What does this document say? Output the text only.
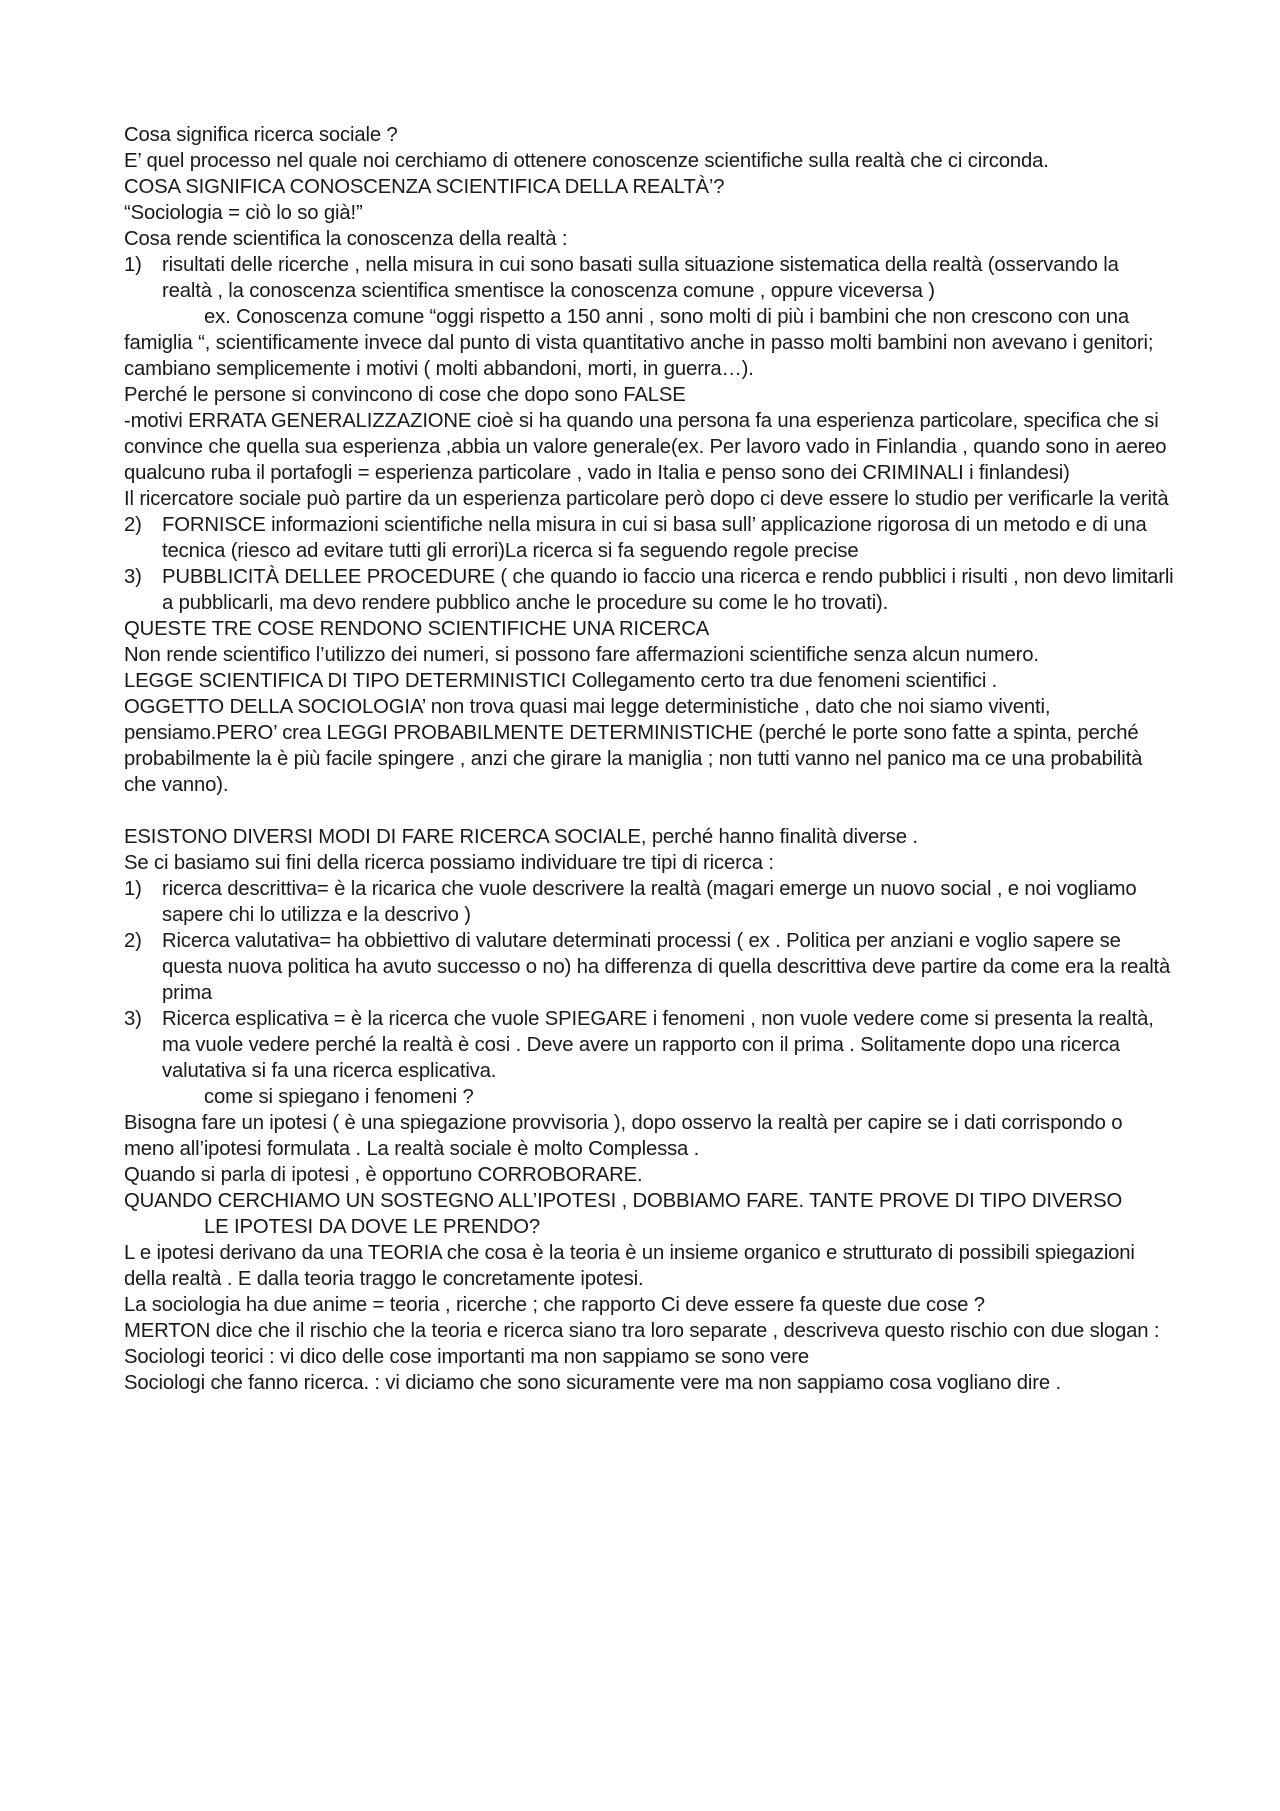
Cosa significa ricerca sociale ?

E’ quel processo nel quale noi cerchiamo di ottenere conoscenze scientifiche sulla realtà che ci circonda.

COSA SIGNIFICA CONOSCENZA SCIENTIFICA DELLA REALTÀ’?

“Sociologia = ciò lo so già!”

Cosa rende scientifica la conoscenza della realtà :

1) risultati delle ricerche , nella misura in cui sono basati sulla situazione sistematica della realtà (osservando la realtà , la conoscenza scientifica smentisce la conoscenza comune , oppure viceversa )

ex. Conoscenza comune “oggi rispetto a 150 anni , sono molti di più i bambini che non crescono con una famiglia “, scientificamente invece dal punto di vista quantitativo anche in passo molti bambini non avevano i genitori; cambiano semplicemente i motivi ( molti abbandoni, morti, in guerra…).

Perché le persone si convincono di cose che dopo sono FALSE

-motivi ERRATA GENERALIZZAZIONE cioè si ha quando una persona fa una esperienza particolare, specifica che si convince che quella sua esperienza ,abbia un valore generale(ex. Per lavoro vado in Finlandia , quando sono in aereo qualcuno ruba il portafogli = esperienza particolare , vado in Italia e penso sono dei CRIMINALI i finlandesi)

Il ricercatore sociale può partire da un esperienza particolare però dopo ci deve essere lo studio per verificarle la verità

2) FORNISCE informazioni scientifiche nella misura in cui si basa sull’ applicazione rigorosa di un metodo e di una tecnica (riesco ad evitare tutti gli errori)La ricerca si fa seguendo regole precise
3) PUBBLICITÀ DELLEE PROCEDURE ( che quando io faccio una ricerca e rendo pubblici i risulti , non devo limitarli a pubblicarli, ma devo rendere pubblico anche le procedure su come le ho trovati).

QUESTE TRE COSE RENDONO SCIENTIFICHE UNA RICERCA

Non rende scientifico l’utilizzo dei numeri, si possono fare affermazioni scientifiche senza alcun numero.

LEGGE SCIENTIFICA DI TIPO DETERMINISTICI Collegamento certo tra due fenomeni scientifici .

OGGETTO DELLA SOCIOLOGIA’ non trova quasi mai legge deterministiche , dato che noi siamo viventi, pensiamo.PERO’ crea LEGGI PROBABILMENTE DETERMINISTICHE (perché le porte sono fatte a spinta, perché probabilmente la è più facile spingere , anzi che girare la maniglia ; non tutti vanno nel panico ma ce una probabilità che vanno).

ESISTONO DIVERSI MODI DI FARE RICERCA SOCIALE, perché hanno finalità diverse .

Se ci basiamo sui fini della ricerca possiamo individuare tre tipi di ricerca :

1) ricerca descrittiva= è la ricarica che vuole descrivere la realtà (magari emerge un nuovo social , e noi vogliamo sapere chi lo utilizza e la descrivo )
2) Ricerca valutativa= ha obbiettivo di valutare determinati processi ( ex . Politica per anziani e voglio sapere se questa nuova politica ha avuto successo o no) ha differenza di quella descrittiva deve partire da come era la realtà prima
3) Ricerca esplicativa = è la ricerca che vuole SPIEGARE i fenomeni , non vuole vedere come si presenta la realtà, ma vuole vedere perché la realtà è cosi . Deve avere un rapporto con il prima . Solitamente dopo una ricerca valutativa si fa una ricerca esplicativa.

come si spiegano i fenomeni ?

Bisogna fare un ipotesi ( è una spiegazione provvisoria ), dopo osservo la realtà per capire se i dati corrispondo o meno all’ipotesi formulata . La realtà sociale è molto Complessa .

Quando si parla di ipotesi , è opportuno CORROBORARE.

QUANDO CERCHIAMO UN SOSTEGNO ALL’IPOTESI , DOBBIAMO FARE. TANTE PROVE DI TIPO DIVERSO

LE IPOTESI DA DOVE LE PRENDO?

L e ipotesi derivano da una TEORIA che cosa è la teoria è un insieme organico e strutturato di possibili spiegazioni della realtà . E dalla teoria traggo le concretamente ipotesi.

La sociologia ha due anime = teoria , ricerche ; che rapporto Ci deve essere fa queste due cose ?

MERTON dice che il rischio che la teoria e ricerca siano tra loro separate , descriveva questo rischio con due slogan :

Sociologi teorici : vi dico delle cose importanti ma non sappiamo se sono vere

Sociologi che fanno ricerca. : vi diciamo che sono sicuramente vere ma non sappiamo cosa vogliano dire .
